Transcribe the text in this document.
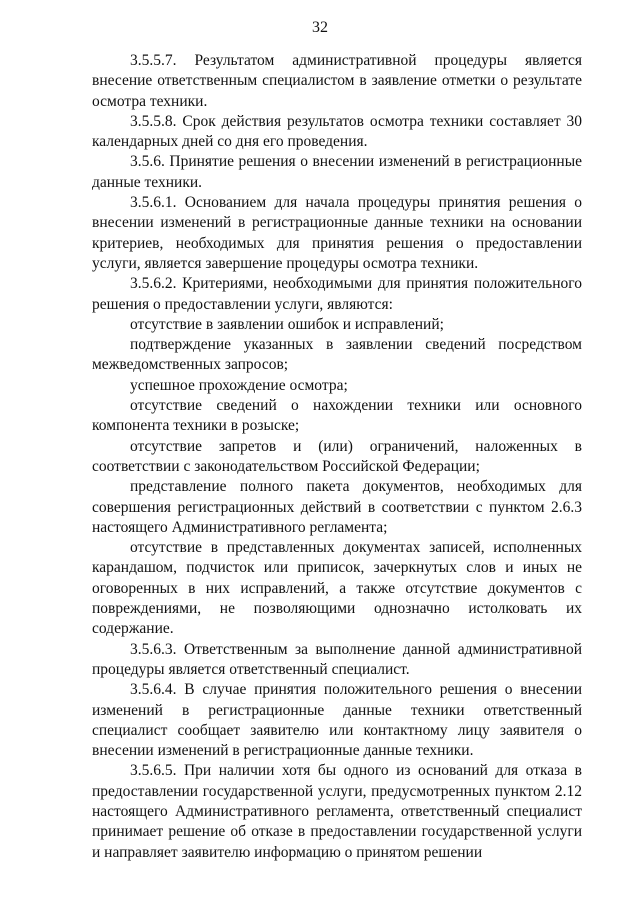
32

3.5.5.7. Результатом административной процедуры является внесение ответственным специалистом в заявление отметки о результате осмотра техники.

3.5.5.8. Срок действия результатов осмотра техники составляет 30 календарных дней со дня его проведения.

3.5.6. Принятие решения о внесении изменений в регистрационные данные техники.

3.5.6.1. Основанием для начала процедуры принятия решения о внесении изменений в регистрационные данные техники на основании критериев, необходимых для принятия решения о предоставлении услуги, является завершение процедуры осмотра техники.

3.5.6.2. Критериями, необходимыми для принятия положительного решения о предоставлении услуги, являются:

отсутствие в заявлении ошибок и исправлений;

подтверждение указанных в заявлении сведений посредством межведомственных запросов;

успешное прохождение осмотра;

отсутствие сведений о нахождении техники или основного компонента техники в розыске;

отсутствие запретов и (или) ограничений, наложенных в соответствии с законодательством Российской Федерации;

представление полного пакета документов, необходимых для совершения регистрационных действий в соответствии с пунктом 2.6.3 настоящего Административного регламента;

отсутствие в представленных документах записей, исполненных карандашом, подчисток или приписок, зачеркнутых слов и иных не оговоренных в них исправлений, а также отсутствие документов с повреждениями, не позволяющими однозначно истолковать их содержание.

3.5.6.3. Ответственным за выполнение данной административной процедуры является ответственный специалист.

3.5.6.4. В случае принятия положительного решения о внесении изменений в регистрационные данные техники ответственный специалист сообщает заявителю или контактному лицу заявителя о внесении изменений в регистрационные данные техники.

3.5.6.5. При наличии хотя бы одного из оснований для отказа в предоставлении государственной услуги, предусмотренных пунктом 2.12 настоящего Административного регламента, ответственный специалист принимает решение об отказе в предоставлении государственной услуги и направляет заявителю информацию о принятом решении
